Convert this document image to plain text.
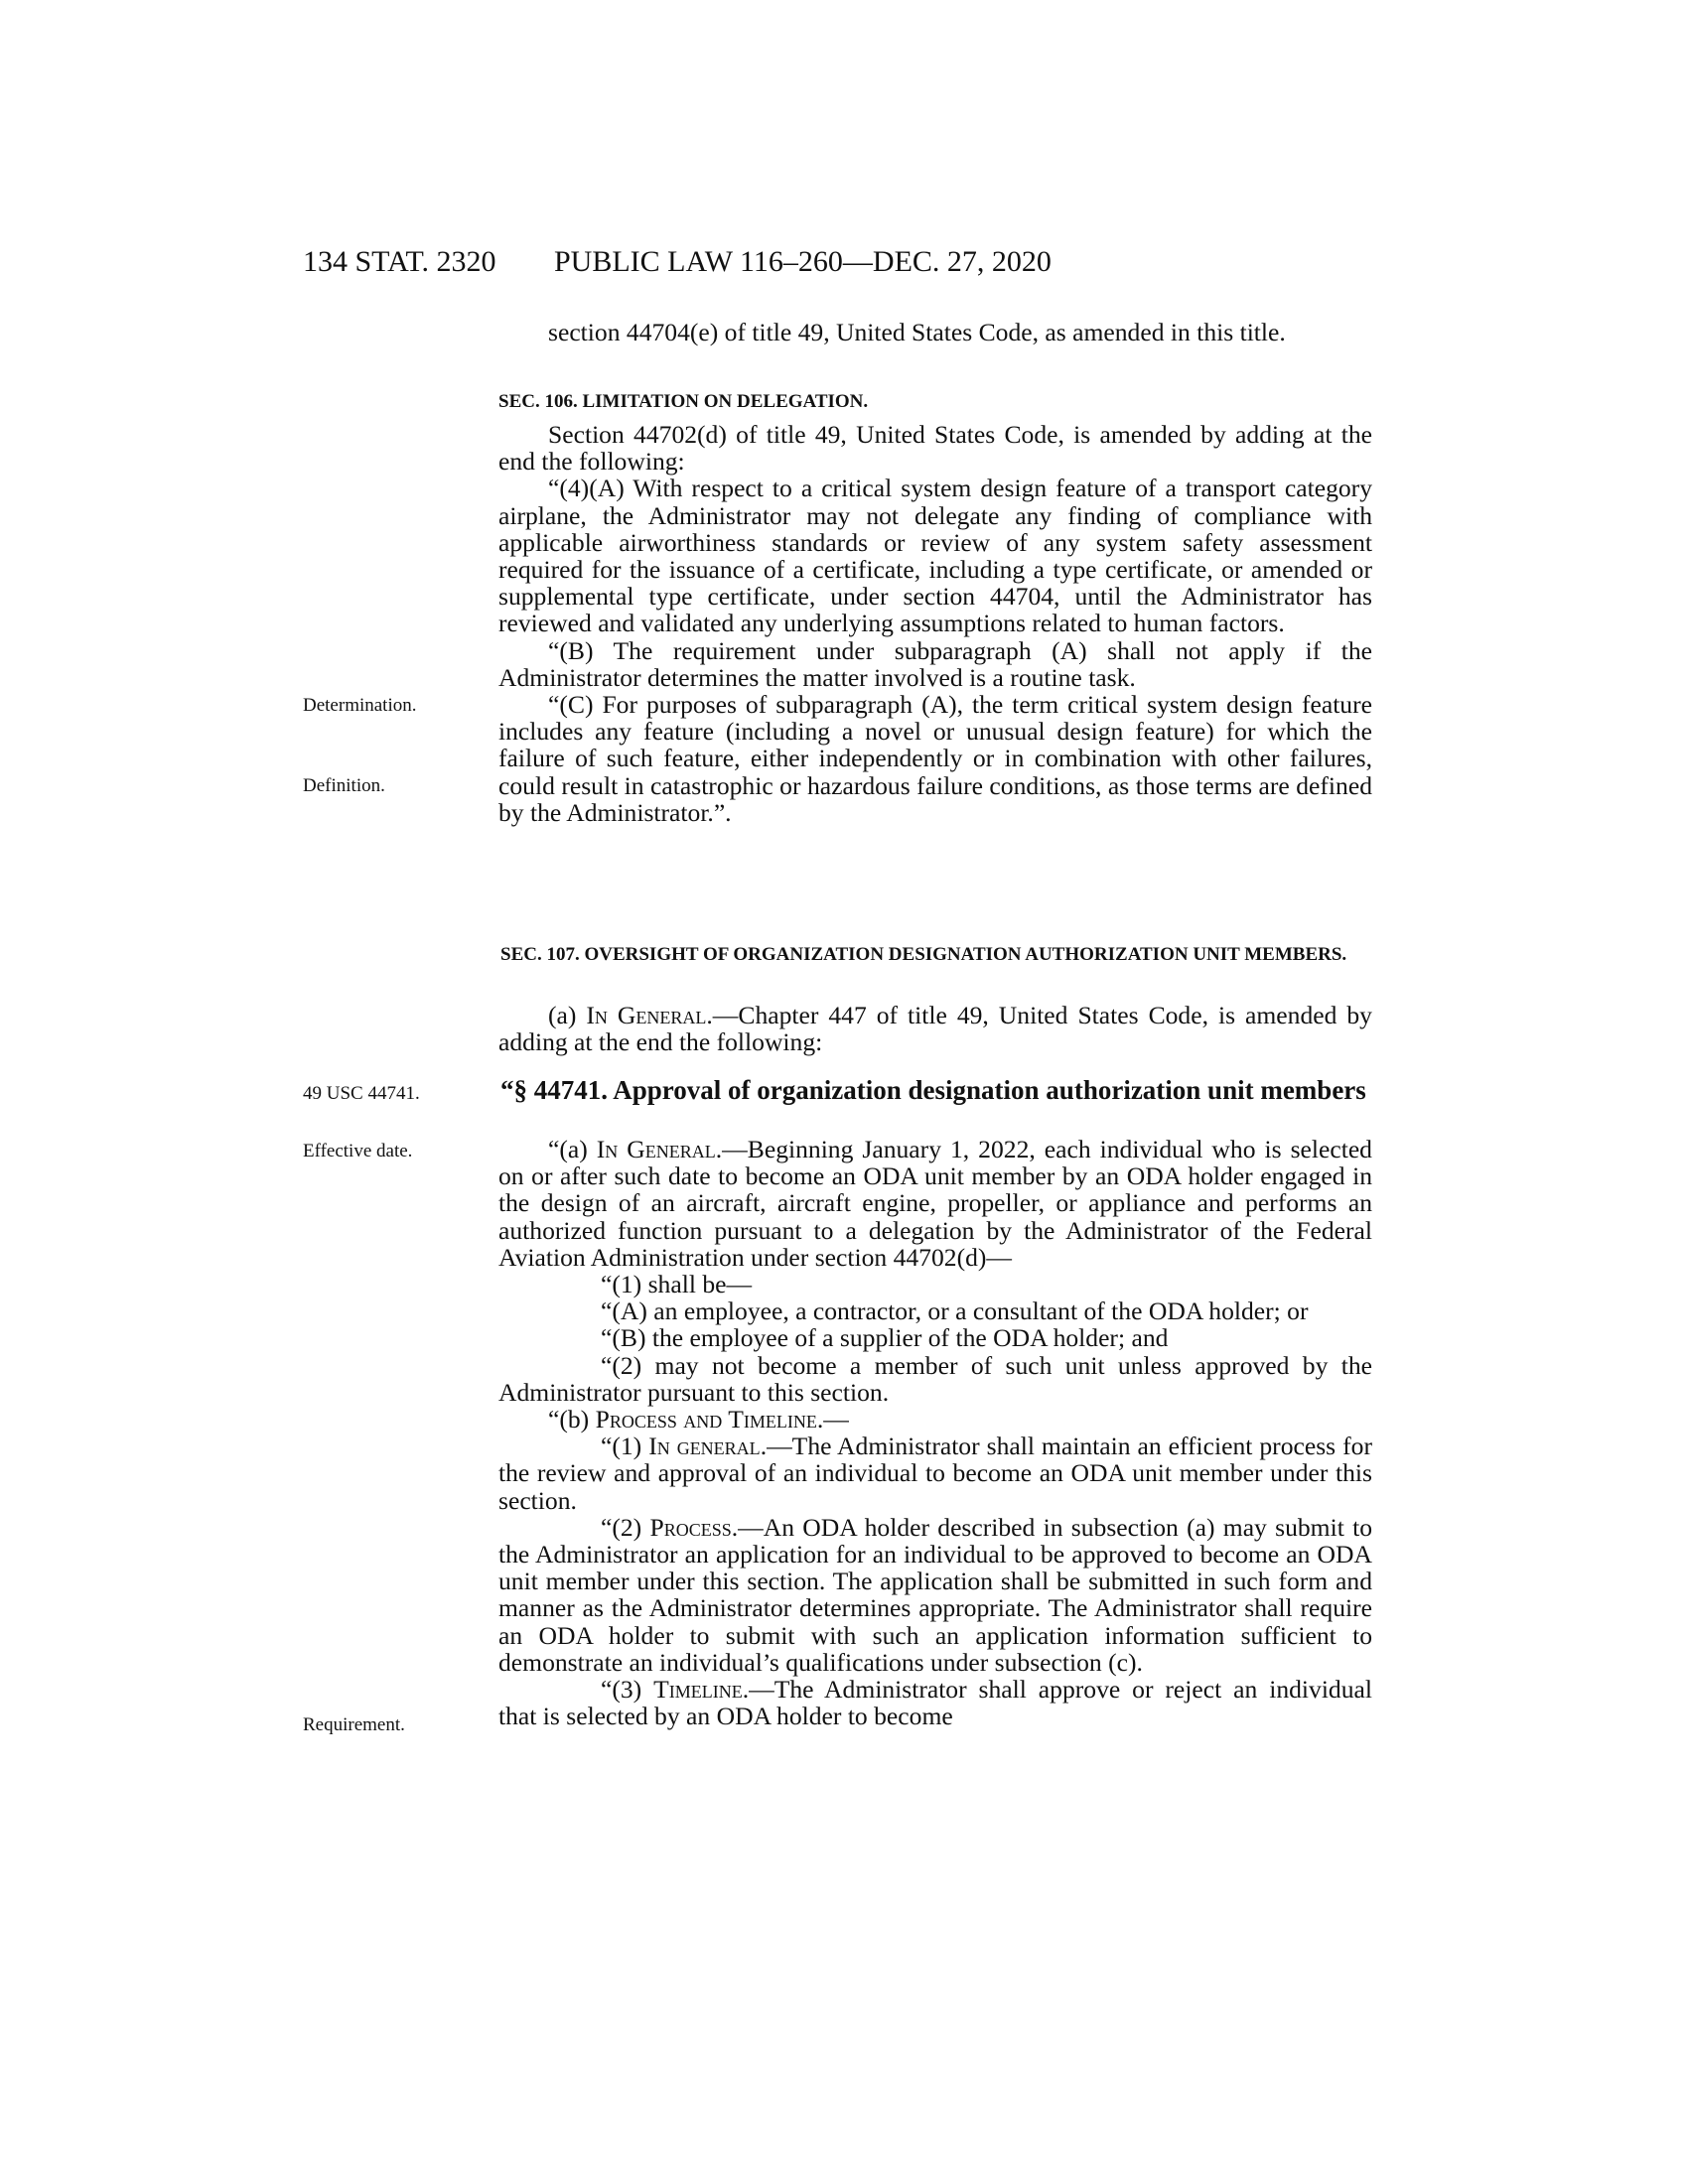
134 STAT. 2320 PUBLIC LAW 116–260—DEC. 27, 2020
Determination.
Definition.
49 USC 44741.
Effective date.
Requirement.

section 44704(e) of title 49, United States Code, as amended in this title.

SEC. 106. LIMITATION ON DELEGATION.

Section 44702(d) of title 49, United States Code, is amended by adding at the end the following:

“(4)(A) With respect to a critical system design feature of a transport category airplane, the Administrator may not delegate any finding of compliance with applicable airworthiness standards or review of any system safety assessment required for the issuance of a certificate, including a type certificate, or amended or supplemental type certificate, under section 44704, until the Administrator has reviewed and validated any underlying assumptions related to human factors.

“(B) The requirement under subparagraph (A) shall not apply if the Administrator determines the matter involved is a routine task.

“(C) For purposes of subparagraph (A), the term critical system design feature includes any feature (including a novel or unusual design feature) for which the failure of such feature, either independently or in combination with other failures, could result in catastrophic or hazardous failure conditions, as those terms are defined by the Administrator.”.

SEC. 107. OVERSIGHT OF ORGANIZATION DESIGNATION AUTHORIZATION UNIT MEMBERS.

(a) In General.—Chapter 447 of title 49, United States Code, is amended by adding at the end the following:

“§ 44741. Approval of organization designation authorization unit members

“(a) In General.—Beginning January 1, 2022, each individual who is selected on or after such date to become an ODA unit member by an ODA holder engaged in the design of an aircraft, aircraft engine, propeller, or appliance and performs an authorized function pursuant to a delegation by the Administrator of the Federal Aviation Administration under section 44702(d)—

“(1) shall be—

“(A) an employee, a contractor, or a consultant of the ODA holder; or

“(B) the employee of a supplier of the ODA holder; and

“(2) may not become a member of such unit unless approved by the Administrator pursuant to this section.

“(b) Process and Timeline.—

“(1) In general.—The Administrator shall maintain an efficient process for the review and approval of an individual to become an ODA unit member under this section.

“(2) Process.—An ODA holder described in subsection (a) may submit to the Administrator an application for an individual to be approved to become an ODA unit member under this section. The application shall be submitted in such form and manner as the Administrator determines appropriate. The Administrator shall require an ODA holder to submit with such an application information sufficient to demonstrate an individual’s qualifications under subsection (c).

“(3) Timeline.—The Administrator shall approve or reject an individual that is selected by an ODA holder to become
